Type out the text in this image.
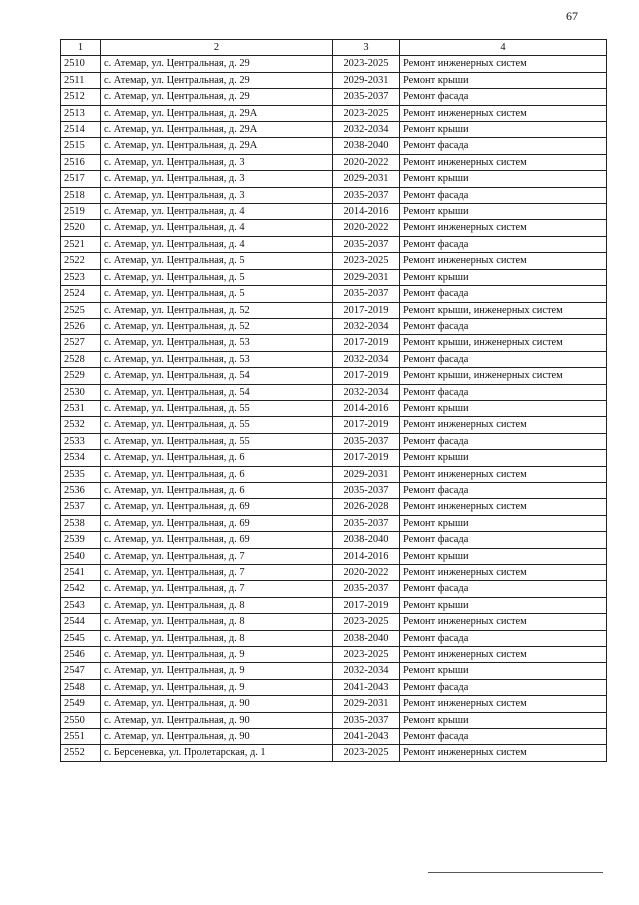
67
1	2	3	4
2510	с. Атемар, ул. Центральная, д. 29	2023-2025	Ремонт инженерных систем
2511	с. Атемар, ул. Центральная, д. 29	2029-2031	Ремонт крыши
2512	с. Атемар, ул. Центральная, д. 29	2035-2037	Ремонт фасада
2513	с. Атемар, ул. Центральная, д. 29А	2023-2025	Ремонт инженерных систем
2514	с. Атемар, ул. Центральная, д. 29А	2032-2034	Ремонт крыши
2515	с. Атемар, ул. Центральная, д. 29А	2038-2040	Ремонт фасада
2516	с. Атемар, ул. Центральная, д. 3	2020-2022	Ремонт инженерных систем
2517	с. Атемар, ул. Центральная, д. 3	2029-2031	Ремонт крыши
2518	с. Атемар, ул. Центральная, д. 3	2035-2037	Ремонт фасада
2519	с. Атемар, ул. Центральная, д. 4	2014-2016	Ремонт крыши
2520	с. Атемар, ул. Центральная, д. 4	2020-2022	Ремонт инженерных систем
2521	с. Атемар, ул. Центральная, д. 4	2035-2037	Ремонт фасада
2522	с. Атемар, ул. Центральная, д. 5	2023-2025	Ремонт инженерных систем
2523	с. Атемар, ул. Центральная, д. 5	2029-2031	Ремонт крыши
2524	с. Атемар, ул. Центральная, д. 5	2035-2037	Ремонт фасада
2525	с. Атемар, ул. Центральная, д. 52	2017-2019	Ремонт крыши, инженерных систем
2526	с. Атемар, ул. Центральная, д. 52	2032-2034	Ремонт фасада
2527	с. Атемар, ул. Центральная, д. 53	2017-2019	Ремонт крыши, инженерных систем
2528	с. Атемар, ул. Центральная, д. 53	2032-2034	Ремонт фасада
2529	с. Атемар, ул. Центральная, д. 54	2017-2019	Ремонт крыши, инженерных систем
2530	с. Атемар, ул. Центральная, д. 54	2032-2034	Ремонт фасада
2531	с. Атемар, ул. Центральная, д. 55	2014-2016	Ремонт крыши
2532	с. Атемар, ул. Центральная, д. 55	2017-2019	Ремонт инженерных систем
2533	с. Атемар, ул. Центральная, д. 55	2035-2037	Ремонт фасада
2534	с. Атемар, ул. Центральная, д. 6	2017-2019	Ремонт крыши
2535	с. Атемар, ул. Центральная, д. 6	2029-2031	Ремонт инженерных систем
2536	с. Атемар, ул. Центральная, д. 6	2035-2037	Ремонт фасада
2537	с. Атемар, ул. Центральная, д. 69	2026-2028	Ремонт инженерных систем
2538	с. Атемар, ул. Центральная, д. 69	2035-2037	Ремонт крыши
2539	с. Атемар, ул. Центральная, д. 69	2038-2040	Ремонт фасада
2540	с. Атемар, ул. Центральная, д. 7	2014-2016	Ремонт крыши
2541	с. Атемар, ул. Центральная, д. 7	2020-2022	Ремонт инженерных систем
2542	с. Атемар, ул. Центральная, д. 7	2035-2037	Ремонт фасада
2543	с. Атемар, ул. Центральная, д. 8	2017-2019	Ремонт крыши
2544	с. Атемар, ул. Центральная, д. 8	2023-2025	Ремонт инженерных систем
2545	с. Атемар, ул. Центральная, д. 8	2038-2040	Ремонт фасада
2546	с. Атемар, ул. Центральная, д. 9	2023-2025	Ремонт инженерных систем
2547	с. Атемар, ул. Центральная, д. 9	2032-2034	Ремонт крыши
2548	с. Атемар, ул. Центральная, д. 9	2041-2043	Ремонт фасада
2549	с. Атемар, ул. Центральная, д. 90	2029-2031	Ремонт инженерных систем
2550	с. Атемар, ул. Центральная, д. 90	2035-2037	Ремонт крыши
2551	с. Атемар, ул. Центральная, д. 90	2041-2043	Ремонт фасада
2552	с. Берсеневка, ул. Пролетарская, д. 1	2023-2025	Ремонт инженерных систем
